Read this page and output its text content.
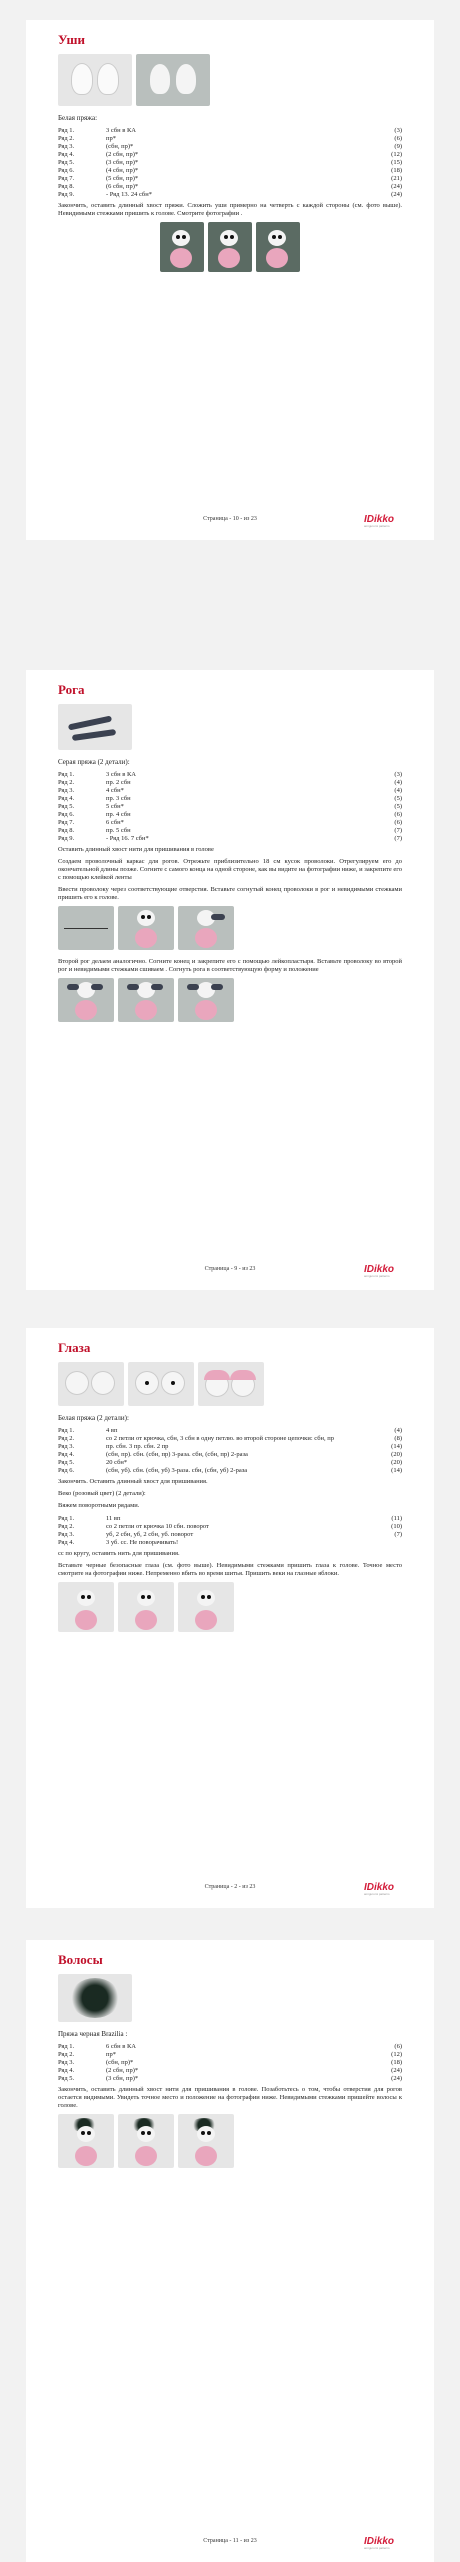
Уши
Белая пряжа:
Ряд 1.	3 сбн в КА	(3)
Ряд 2.	пр*	(6)
Ряд 3.	(сбн, пр)*	(9)
Ряд 4.	(2 сбн, пр)*	(12)
Ряд 5.	(3 сбн, пр)*	(15)
Ряд 6.	(4 сбн, пр)*	(18)
Ряд 7.	(5 сбн, пр)*	(21)
Ряд 8.	(6 сбн, пр)*	(24)
Ряд 9.	- Ряд 13. 24 сбн*	(24)
Закончить, оставить длинный хвост пряжи. Сложить уши примерно на четверть с каждой стороны (см. фото выше). Невидимыми стежками пришить к голове. Смотрите фотографии .
Страница - 10 - из 23	IDikko
amigurumi patterns
Рога
Серая пряжа (2 детали):
Ряд 1.	3 сбн в КА	(3)
Ряд 2.	пр. 2 сбн	(4)
Ряд 3.	4 сбн*	(4)
Ряд 4.	пр. 3 сбн	(5)
Ряд 5.	5 сбн*	(5)
Ряд 6.	пр. 4 сбн	(6)
Ряд 7.	6 сбн*	(6)
Ряд 8.	пр. 5 сбн	(7)
Ряд 9.	- Ряд 16. 7 сбн*	(7)
Оставить длинный хвост нити для пришивания в голове
Создаем проволочный каркас для рогов. Отрежьте приблизительно 18 см кусок проволоки. Отрегулируем его до окончательной длины позже. Согните с самого конца на одной стороне, как вы видите на фотографии ниже, и закрепите его с помощью клейкой ленты
Ввести проволоку через соответствующие отверстия. Вставьте согнутый конец проволоки в рог и невидимыми стежками пришить его к голове.
Второй рог делаем аналогично. Согните конец и закрепите его с помощью лейкопластыря. Вставьте проволоку во второй рог и невидимыми стежками сшиваем . Согнуть рога в соответствующую форму и положение
Страница - 9 - из 23	IDikko
amigurumi patterns
Глаза
Белая пряжа (2 детали):
Ряд 1.	4 вп	(4)
Ряд 2.	со 2 петли от крючка, сбн, 3 сбн в одну петлю. во второй стороне цепочки: сбн, пр	(8)
Ряд 3.	пр. сбн. 3 пр. сбн. 2 пр	(14)
Ряд 4.	(сбн, пр). сбн. (сбн, пр) 3-раза. сбн, (сбн, пр) 2-раза	(20)
Ряд 5.	20 сбн*	(20)
Ряд 6.	(сбн, уб). сбн. (сбн, уб) 3-раза. сбн, (сбн, уб) 2-раза	(14)
Закончить. Оставить длинный хвост для пришивания.
Веко (розовый цвет) (2 детали):
Вяжем поворотными рядами.
Ряд 1.	11 вп	(11)
Ряд 2.	со 2 петли от крючка 10 сбн. поворот	(10)
Ряд 3.	уб, 2 сбн, уб, 2 сбн, уб. поворот	(7)
Ряд 4.	3 уб. сс. Не поворачивать!	
сс по кругу, оставить нить для пришивания.
Вставьте черные безопасные глаза (см. фото выше). Невидимыми стежками пришить глаза к голове. Точное место смотрите на фотографии ниже. Непременно вбить во время шитья. Пришить веки на глазные яблоки.
Страница - 2 - из 23	IDikko
amigurumi patterns
Волосы
Пряжа черная Brazilia :
Ряд 1.	6 сбн в КА	(6)
Ряд 2.	пр*	(12)
Ряд 3.	(сбн, пр)*	(18)
Ряд 4.	(2 сбн, пр)*	(24)
Ряд 5.	(3 сбн, пр)*	(24)
Закончить, оставить длинный хвост нити для пришивания в голове. Позаботьтесь о том, чтобы отверстия для рогов остается видимыми. Увидеть точное место и положение на фотографии ниже. Невидимыми стежками пришейте волосы к голове.
Страница - 11 - из 23	IDikko
amigurumi patterns
